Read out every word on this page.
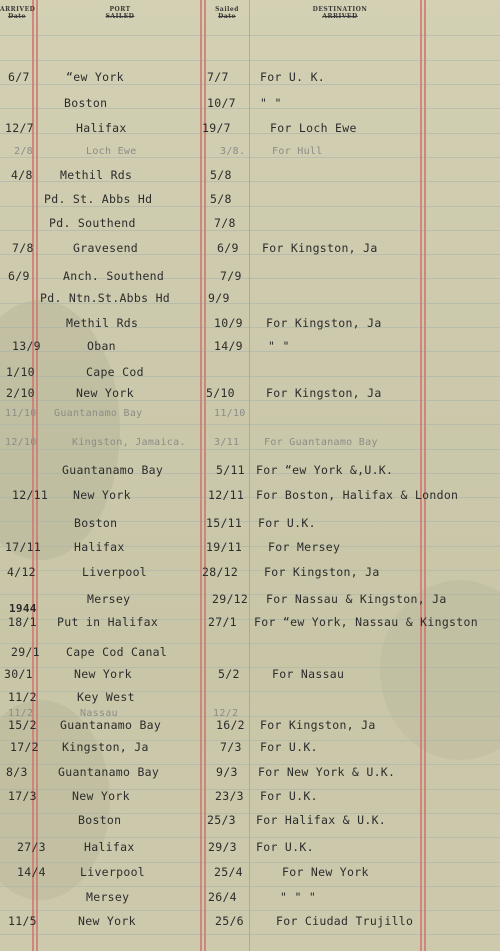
ARRIVED
Date
PORT
SAILED
Sailed
Date
DESTINATION
ARRIVED
1944
6/7	“ew York	7/7	For U. K.
Boston	10/7 " "
12/7	Halifax	19/7	For Loch Ewe
2/8	Loch Ewe	3/8.	For Hull
4/8 Methil Rds	5/8
Pd. St. Abbs Hd	5/8
Pd. Southend	7/8
7/8	Gravesend	6/9 For Kingston, Ja
6/9	Anch. Southend	7/9
Pd. Ntn.St.Abbs Hd	9/9
Methil Rds	10/9 For Kingston, Ja
13/9	Oban	14/9 " "
1/10	Cape Cod
2/10	New York	5/10	For Kingston, Ja
11/10 Guantanamo Bay	11/10
12/10	Kingston, Jamaica.	3/11 For Guantanamo Bay
Guantanamo Bay	5/11 For “ew York &,U.K.
12/11 New York	12/11 For Boston, Halifax & London
Boston	15/11 For U.K.
17/11	Halifax	19/11 For Mersey
4/12	Liverpool	28/12 For Kingston, Ja
Mersey	29/12 For Nassau & Kingston, Ja
18/1 Put in Halifax	27/1 For “ew York, Nassau & Kingston
29/1 Cape Cod Canal
30/1	New York	5/2	For Nassau
11/2	Key West
11/2	Nassau	12/2
15/2 Guantanamo Bay	16/2 For Kingston, Ja
17/2 Kingston, Ja	7/3 For U.K.
8/3	Guantanamo Bay	9/3 For New York & U.K.
17/3	New York	23/3 For U.K.
Boston	25/3 For Halifax & U.K.
27/3	Halifax	29/3 For U.K.
14/4	Liverpool	25/4	For New York
Mersey	26/4	" " "
11/5	New York	25/6	For Ciudad Trujillo
